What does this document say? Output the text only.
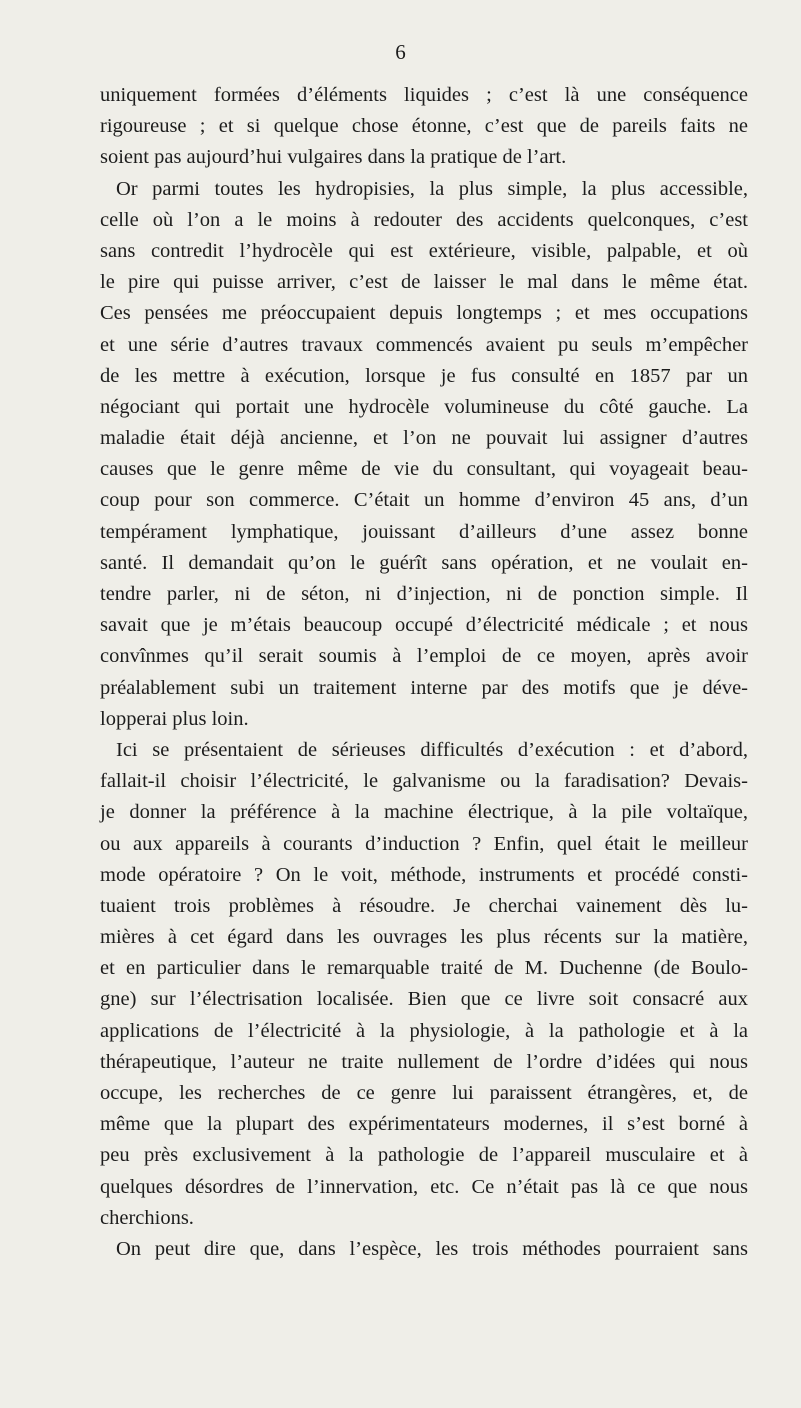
6
uniquement formées d’éléments liquides ; c’est là une conséquence
rigoureuse ; et si quelque chose étonne, c’est que de pareils faits ne
soient pas aujourd’hui vulgaires dans la pratique de l’art.
Or parmi toutes les hydropisies, la plus simple, la plus accessible,
celle où l’on a le moins à redouter des accidents quelconques, c’est
sans contredit l’hydrocèle qui est extérieure, visible, palpable, et où
le pire qui puisse arriver, c’est de laisser le mal dans le même état.
Ces pensées me préoccupaient depuis longtemps ; et mes occupations
et une série d’autres travaux commencés avaient pu seuls m’empêcher
de les mettre à exécution, lorsque je fus consulté en 1857 par un
négociant qui portait une hydrocèle volumineuse du côté gauche. La
maladie était déjà ancienne, et l’on ne pouvait lui assigner d’autres
causes que le genre même de vie du consultant, qui voyageait beau-
coup pour son commerce. C’était un homme d’environ 45 ans, d’un
tempérament lymphatique, jouissant d’ailleurs d’une assez bonne
santé. Il demandait qu’on le guérît sans opération, et ne voulait en-
tendre parler, ni de séton, ni d’injection, ni de ponction simple. Il
savait que je m’étais beaucoup occupé d’électricité médicale ; et nous
convînmes qu’il serait soumis à l’emploi de ce moyen, après avoir
préalablement subi un traitement interne par des motifs que je déve-
lopperai plus loin.
Ici se présentaient de sérieuses difficultés d’exécution : et d’abord,
fallait-il choisir l’électricité, le galvanisme ou la faradisation? Devais-
je donner la préférence à la machine électrique, à la pile voltaïque,
ou aux appareils à courants d’induction ? Enfin, quel était le meilleur
mode opératoire ? On le voit, méthode, instruments et procédé consti-
tuaient trois problèmes à résoudre. Je cherchai vainement dès lu-
mières à cet égard dans les ouvrages les plus récents sur la matière,
et en particulier dans le remarquable traité de M. Duchenne (de Boulo-
gne) sur l’électrisation localisée. Bien que ce livre soit consacré aux
applications de l’électricité à la physiologie, à la pathologie et à la
thérapeutique, l’auteur ne traite nullement de l’ordre d’idées qui nous
occupe, les recherches de ce genre lui paraissent étrangères, et, de
même que la plupart des expérimentateurs modernes, il s’est borné à
peu près exclusivement à la pathologie de l’appareil musculaire et à
quelques désordres de l’innervation, etc. Ce n’était pas là ce que nous
cherchions.
On peut dire que, dans l’espèce, les trois méthodes pourraient sans
